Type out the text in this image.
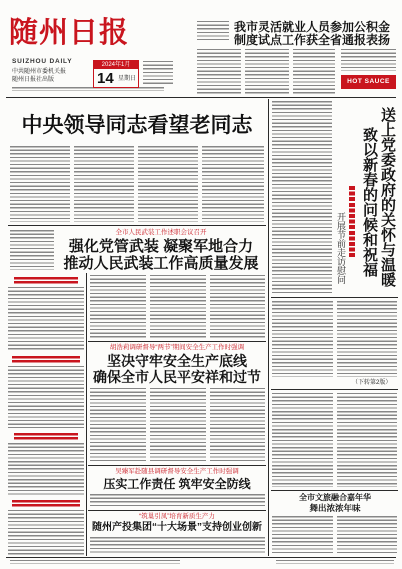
随州日报
SUIZHOU DAILY
中共随州市委机关报
随州日报社出版
2024年1月
14 星期日
我市灵活就业人员参加公积金
制度试点工作获全省通报表扬
HOT SAUCE
中央领导同志看望老同志
全市人民武装工作述职会议召开
强化党管武装 凝聚军地合力
推动人民武装工作高质量发展
胡浩莉调研督导“两节”期间安全生产工作时强调
坚决守牢安全生产底线
确保全市人民平安祥和过节
吴臻军赴随县调研督导安全生产工作时强调
压实工作责任 筑牢安全防线
“筑巢引凤”培育新质生产力
随州产投集团“十大场景”支持创业创新
送上党委政府的关怀与温暖
致以新春的问候和祝福
开展节前走访慰问
（下转第2版）
全市文旅融合嘉年华
舞出浓浓年味
